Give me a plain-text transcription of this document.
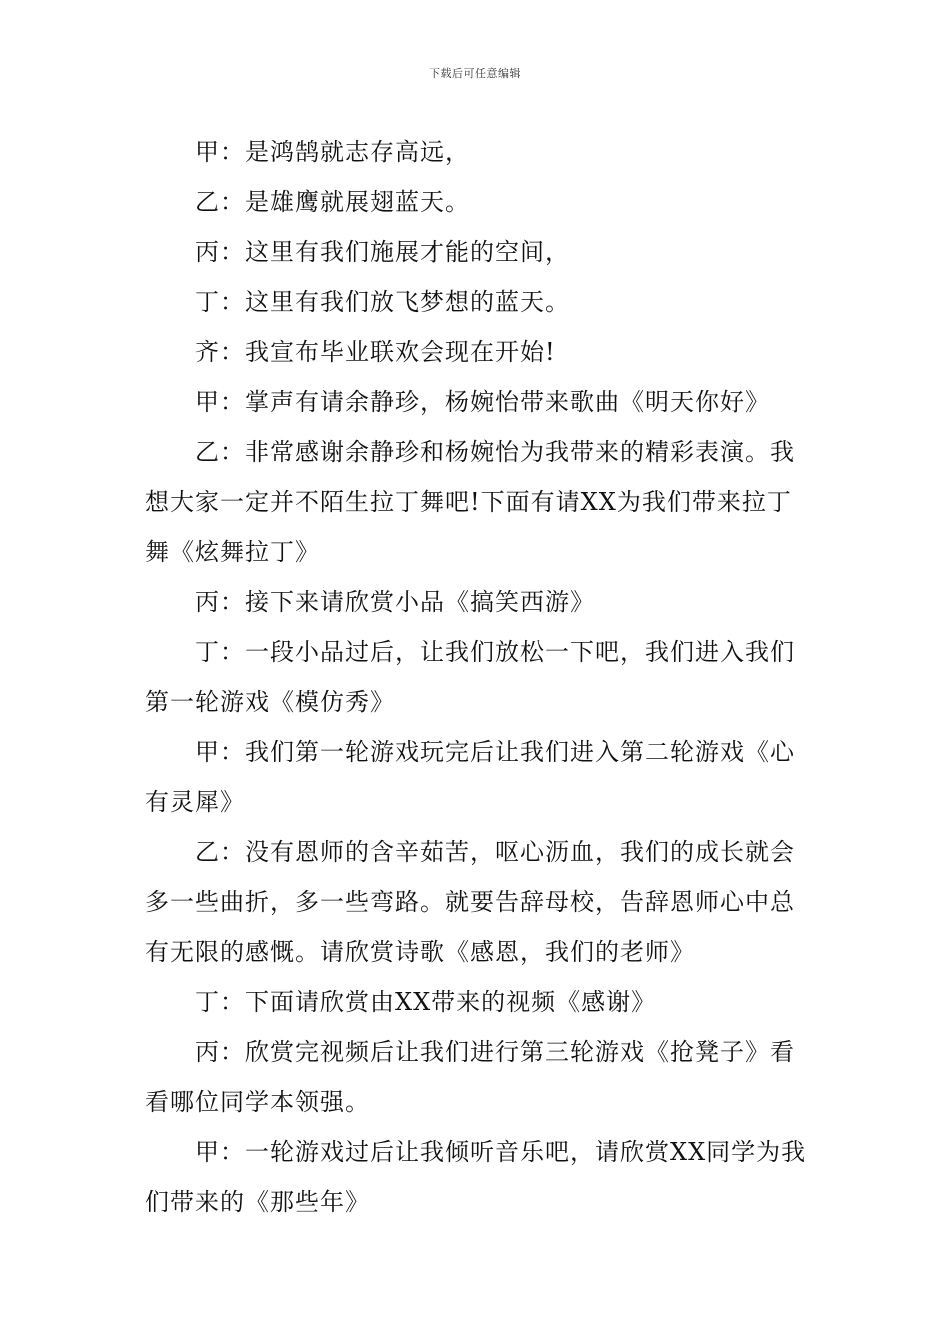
下载后可任意编辑

甲：是鸿鹄就志存高远，

乙：是雄鹰就展翅蓝天。

丙：这里有我们施展才能的空间，

丁：这里有我们放飞梦想的蓝天。

齐：我宣布毕业联欢会现在开始!

甲：掌声有请余静珍，杨婉怡带来歌曲《明天你好》

乙：非常感谢余静珍和杨婉怡为我带来的精彩表演。我想大家一定并不陌生拉丁舞吧!下面有请XX为我们带来拉丁舞《炫舞拉丁》

丙：接下来请欣赏小品《搞笑西游》

丁：一段小品过后，让我们放松一下吧，我们进入我们第一轮游戏《模仿秀》

甲：我们第一轮游戏玩完后让我们进入第二轮游戏《心有灵犀》

乙：没有恩师的含辛茹苦，呕心沥血，我们的成长就会多一些曲折，多一些弯路。就要告辞母校，告辞恩师心中总有无限的感慨。请欣赏诗歌《感恩，我们的老师》

丁：下面请欣赏由XX带来的视频《感谢》

丙：欣赏完视频后让我们进行第三轮游戏《抢凳子》看看哪位同学本领强。

甲：一轮游戏过后让我倾听音乐吧，请欣赏XX同学为我们带来的《那些年》
